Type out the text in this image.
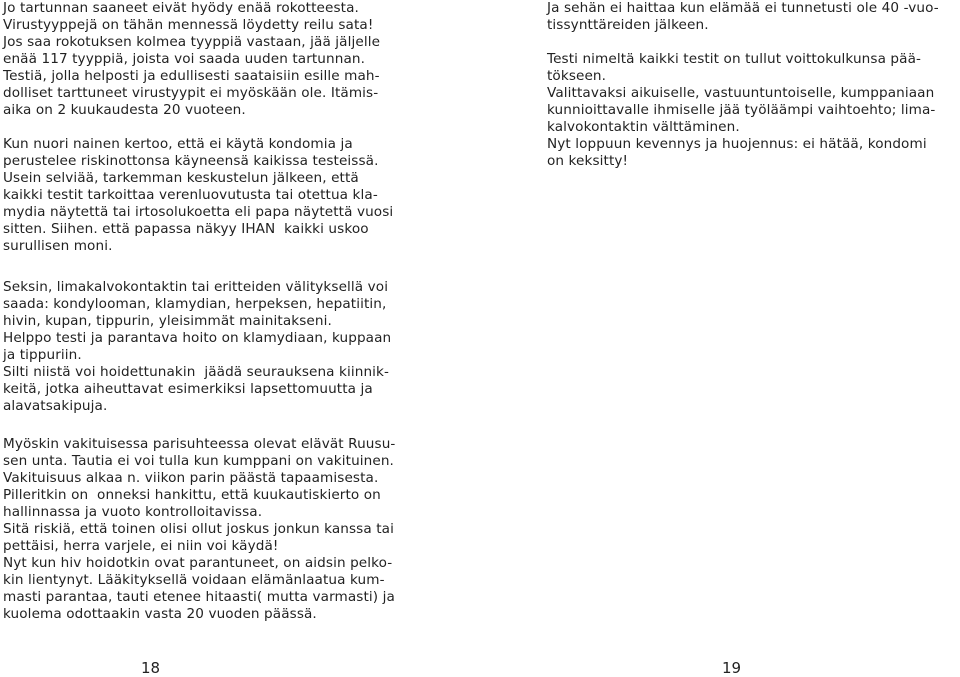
Jo tartunnan saaneet eivät hyödy enää rokotteesta.
Virustyyppejä on tähän mennessä löydetty reilu sata!
Jos saa rokotuksen kolmea tyyppiä vastaan, jää jäljelle
enää 117 tyyppiä, joista voi saada uuden tartunnan.
Testiä, jolla helposti ja edullisesti saataisiin esille mah-
dolliset tarttuneet virustyypit ei myöskään ole. Itämis-
aika on 2 kuukaudesta 20 vuoteen.
Kun nuori nainen kertoo, että ei käytä kondomia ja
perustelee riskinottonsa käyneensä kaikissa testeissä.
Usein selviää, tarkemman keskustelun jälkeen, että
kaikki testit tarkoittaa verenluovutusta tai otettua kla-
mydia näytettä tai irtosolukoetta eli papa näytettä vuosi
sitten. Siihen. että papassa näkyy IHAN  kaikki uskoo
surullisen moni.
Seksin, limakalvokontaktin tai eritteiden välityksellä voi
saada: kondylooman, klamydian, herpeksen, hepatiitin,
hivin, kupan, tippurin, yleisimmät mainitakseni.
Helppo testi ja parantava hoito on klamydiaan, kuppaan
ja tippuriin.
Silti niistä voi hoidettunakin  jäädä seurauksena kiinnik-
keitä, jotka aiheuttavat esimerkiksi lapsettomuutta ja
alavatsakipuja.
Myöskin vakituisessa parisuhteessa olevat elävät Ruusu-
sen unta. Tautia ei voi tulla kun kumppani on vakituinen.
Vakituisuus alkaa n. viikon parin päästä tapaamisesta.
Pilleritkin on  onneksi hankittu, että kuukautiskierto on
hallinnassa ja vuoto kontrolloitavissa.
Sitä riskiä, että toinen olisi ollut joskus jonkun kanssa tai
pettäisi, herra varjele, ei niin voi käydä!
Nyt kun hiv hoidotkin ovat parantuneet, on aidsin pelko-
kin lientynyt. Lääkityksellä voidaan elämänlaatua kum-
masti parantaa, tauti etenee hitaasti( mutta varmasti) ja
kuolema odottaakin vasta 20 vuoden päässä.
Ja sehän ei haittaa kun elämää ei tunnetusti ole 40 -vuo-
tissynttäreiden jälkeen.
Testi nimeltä kaikki testit on tullut voittokulkunsa pää-
tökseen.
Valittavaksi aikuiselle, vastuuntuntoiselle, kumppaniaan
kunnioittavalle ihmiselle jää työläämpi vaihtoehto; lima-
kalvokontaktin välttäminen.
Nyt loppuun kevennys ja huojennus: ei hätää, kondomi
on keksitty!
18	19
